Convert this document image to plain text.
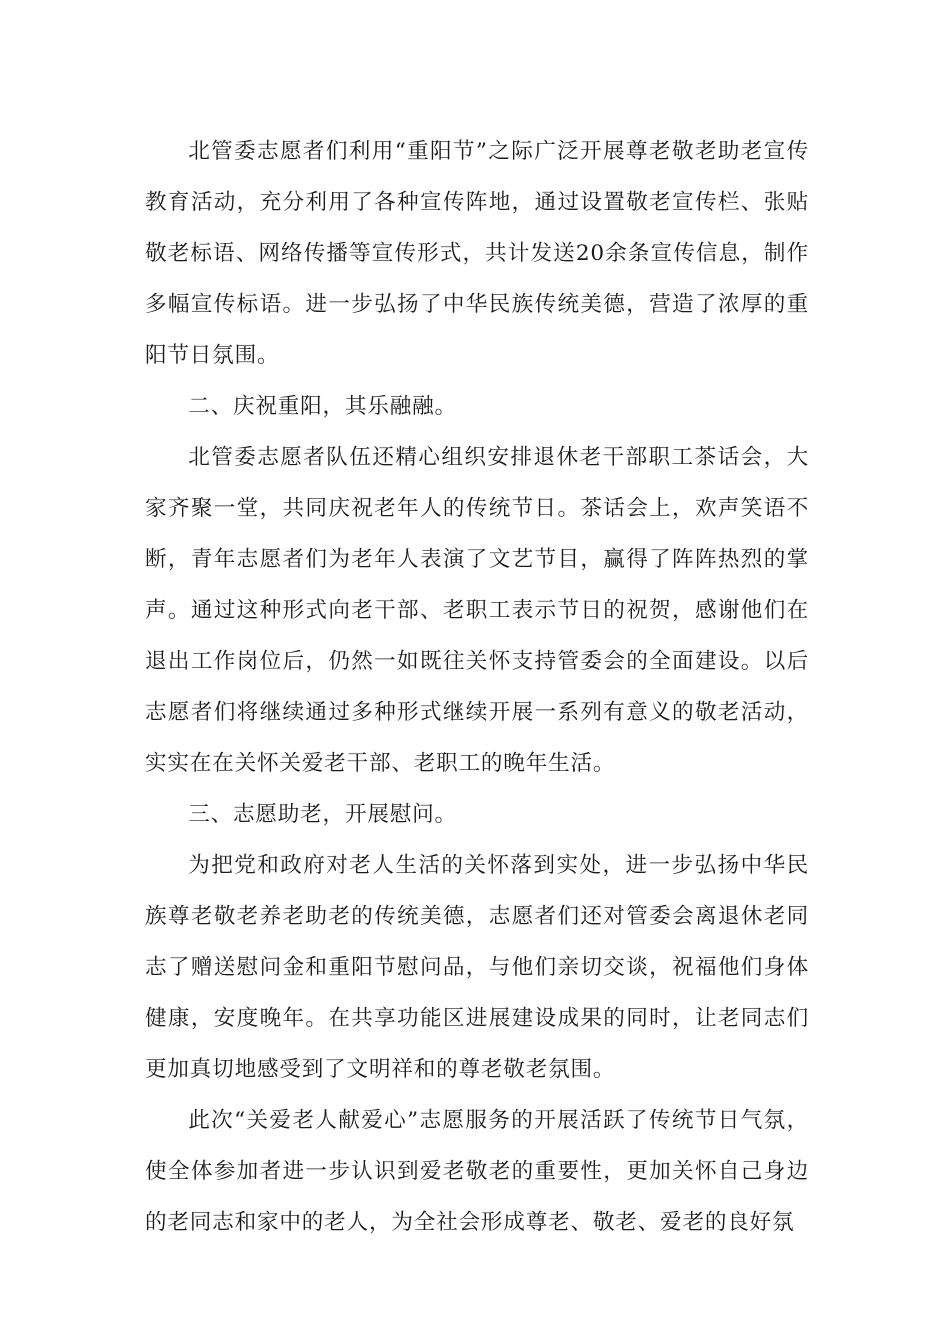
北管委志愿者们利用“重阳节”之际广泛开展尊老敬老助老宣传教育活动，充分利用了各种宣传阵地，通过设置敬老宣传栏、张贴敬老标语、网络传播等宣传形式，共计发送20余条宣传信息，制作多幅宣传标语。进一步弘扬了中华民族传统美德，营造了浓厚的重阳节日氛围。

二、庆祝重阳，其乐融融。

北管委志愿者队伍还精心组织安排退休老干部职工茶话会，大家齐聚一堂，共同庆祝老年人的传统节日。茶话会上，欢声笑语不断，青年志愿者们为老年人表演了文艺节目，赢得了阵阵热烈的掌声。通过这种形式向老干部、老职工表示节日的祝贺，感谢他们在退出工作岗位后，仍然一如既往关怀支持管委会的全面建设。以后志愿者们将继续通过多种形式继续开展一系列有意义的敬老活动，实实在在关怀关爱老干部、老职工的晚年生活。

三、志愿助老，开展慰问。

为把党和政府对老人生活的关怀落到实处，进一步弘扬中华民族尊老敬老养老助老的传统美德，志愿者们还对管委会离退休老同志了赠送慰问金和重阳节慰问品，与他们亲切交谈，祝福他们身体健康，安度晚年。在共享功能区进展建设成果的同时，让老同志们更加真切地感受到了文明祥和的尊老敬老氛围。

此次“关爱老人献爱心”志愿服务的开展活跃了传统节日气氛，使全体参加者进一步认识到爱老敬老的重要性，更加关怀自己身边的老同志和家中的老人，为全社会形成尊老、敬老、爱老的良好氛
